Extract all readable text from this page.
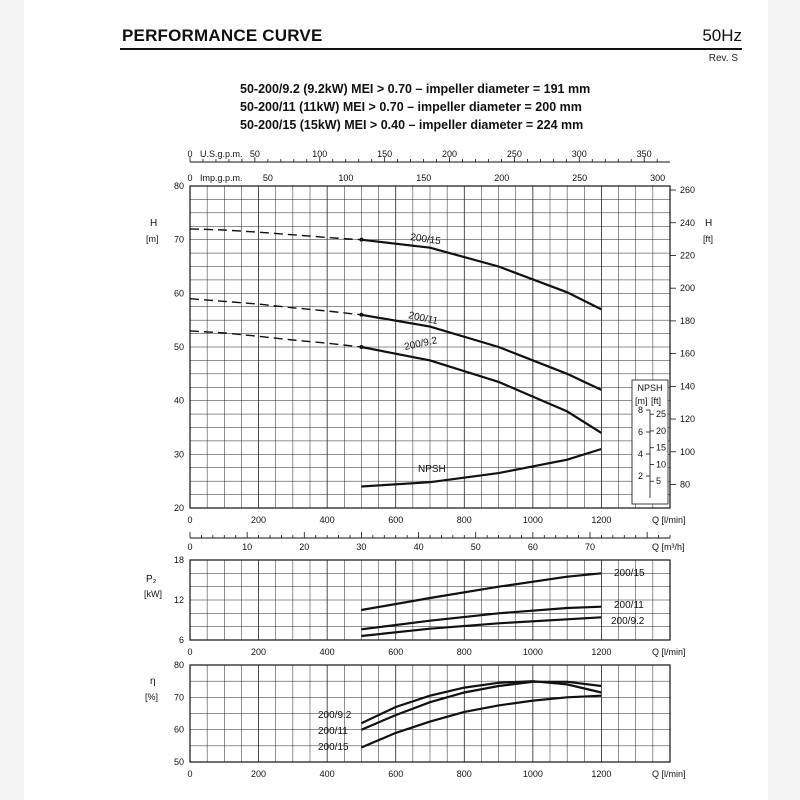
PERFORMANCE CURVE	50Hz
Rev. S
50-200/9.2 (9.2kW) MEI > 0.70 – impeller diameter = 191 mm
50-200/11 (11kW) MEI > 0.70 – impeller diameter = 200 mm
50-200/15 (15kW) MEI > 0.40 – impeller diameter = 224 mm
0	50	100	150	200	250	300	350
U.S.g.p.m.
0	50	100	150	200	250	300
Imp.g.p.m.
20
30
40
50
60
70
80
H
[m]
80
100
120
140
160
180
200
220
240
260
H
[ft]
200/15
200/11
200/9.2
NPSH
NPSH
[m] [ft]
2
4
6
8
5
10
15
20
25
0	200	400	600	800	1000	1200	Q [l/min]
0	10	20	30	40	50	60	70	Q [m³/h]
6
12
18
P₂
[kW]
200/15
200/11
200/9.2
0	200	400	600	800	1000	1200	Q [l/min]
50
60
70
80
η
[%]
200/9.2
200/11
200/15
0	200	400	600	800	1000	1200	Q [l/min]
